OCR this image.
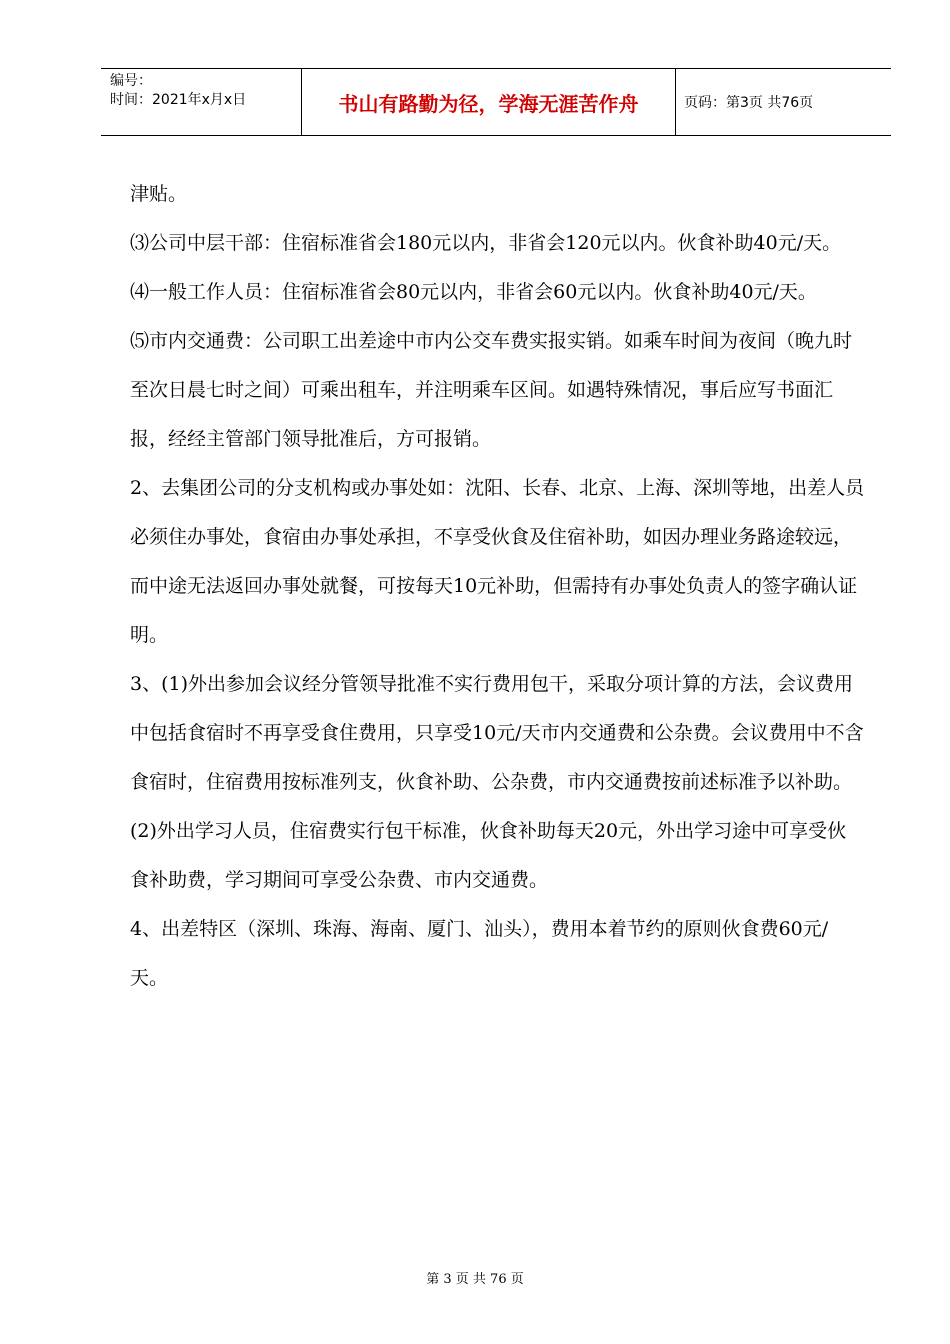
编号：
时间：2021年x月x日	书山有路勤为径，学海无涯苦作舟	页码：第3页 共76页

津贴。

⑶公司中层干部：住宿标准省会180元以内，非省会120元以内。伙食补助40元/天。

⑷一般工作人员：住宿标准省会80元以内，非省会60元以内。伙食补助40元/天。

⑸市内交通费：公司职工出差途中市内公交车费实报实销。如乘车时间为夜间（晚九时至次日晨七时之间）可乘出租车，并注明乘车区间。如遇特殊情况，事后应写书面汇报，经经主管部门领导批准后，方可报销。

2、去集团公司的分支机构或办事处如：沈阳、长春、北京、上海、深圳等地，出差人员必须住办事处，食宿由办事处承担，不享受伙食及住宿补助，如因办理业务路途较远，而中途无法返回办事处就餐，可按每天10元补助，但需持有办事处负责人的签字确认证明。

3、(1)外出参加会议经分管领导批准不实行费用包干，采取分项计算的方法，会议费用中包括食宿时不再享受食住费用，只享受10元/天市内交通费和公杂费。会议费用中不含食宿时，住宿费用按标准列支，伙食补助、公杂费，市内交通费按前述标准予以补助。

(2)外出学习人员，住宿费实行包干标准，伙食补助每天20元，外出学习途中可享受伙食补助费，学习期间可享受公杂费、市内交通费。

4、出差特区（深圳、珠海、海南、厦门、汕头），费用本着节约的原则伙食费60元/天。

第 3 页 共 76 页
